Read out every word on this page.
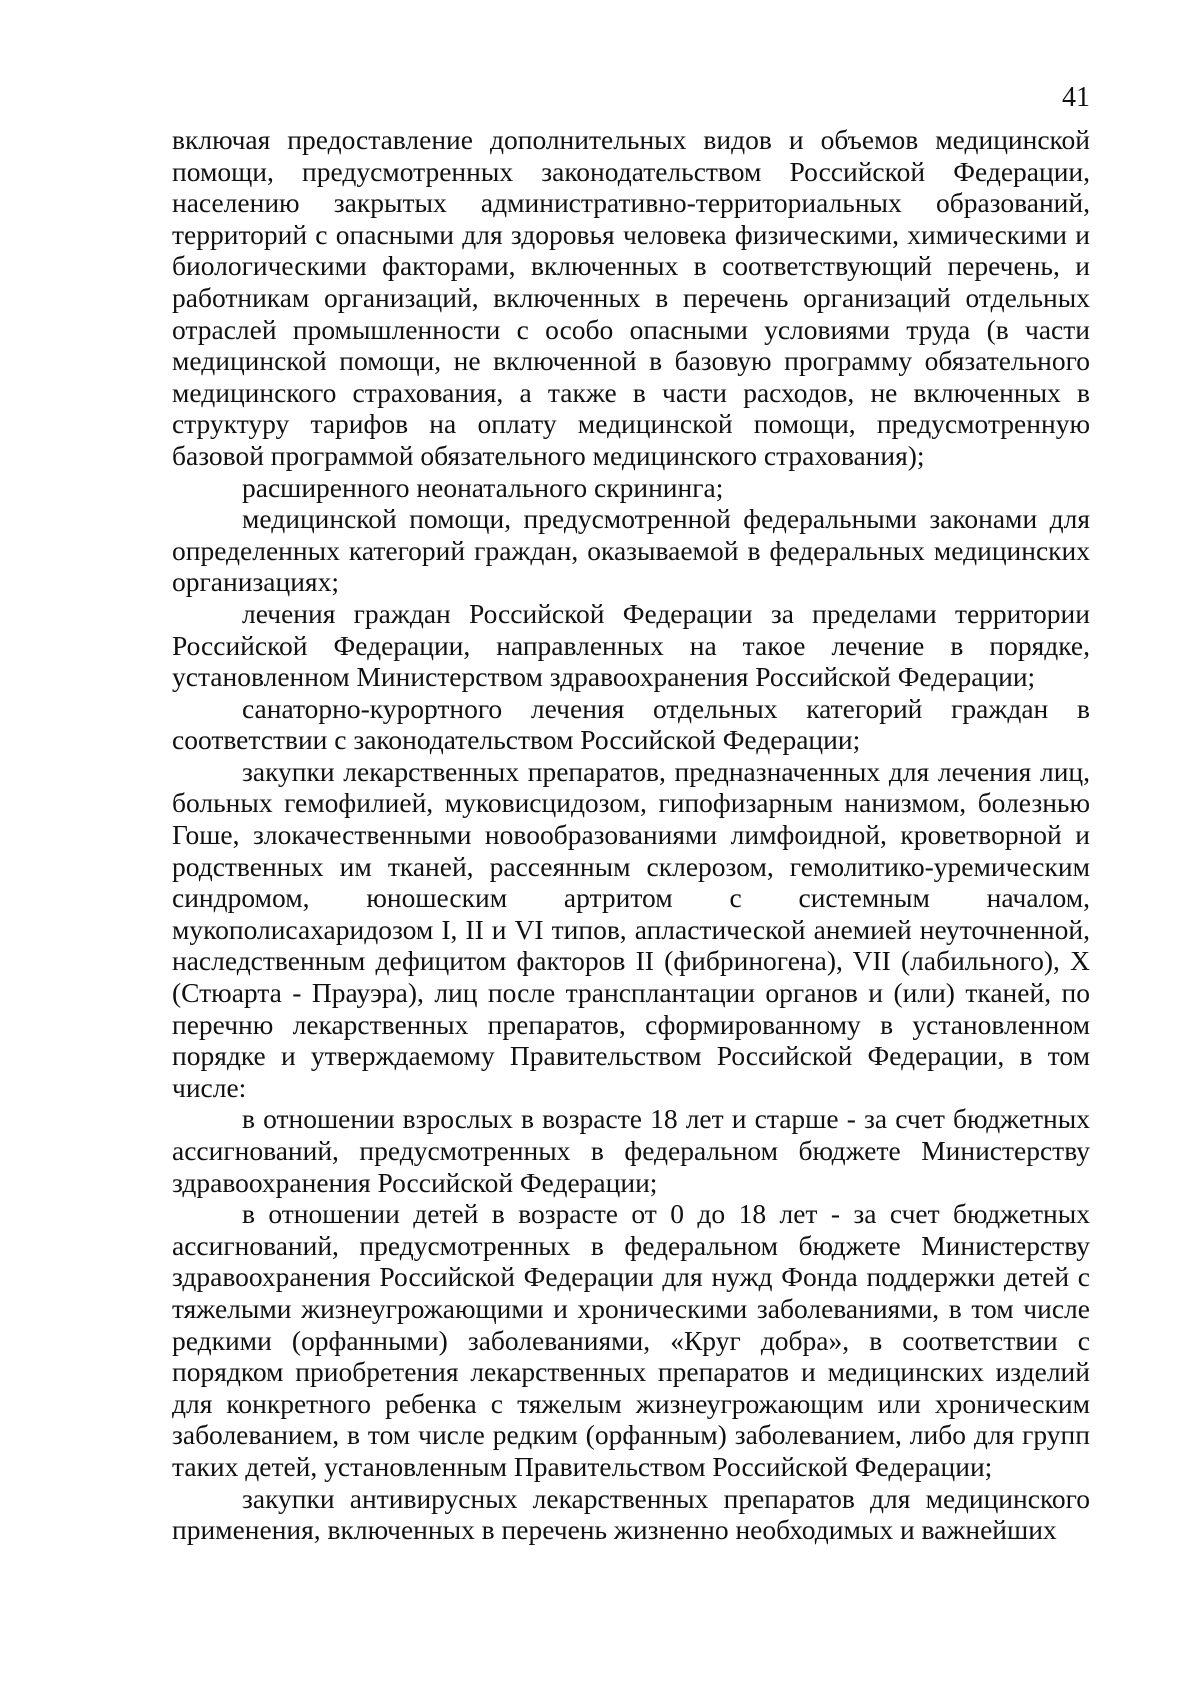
41

включая предоставление дополнительных видов и объемов медицинской помощи, предусмотренных законодательством Российской Федерации, населению закрытых административно-территориальных образований, территорий с опасными для здоровья человека физическими, химическими и биологическими факторами, включенных в соответствующий перечень, и работникам организаций, включенных в перечень организаций отдельных отраслей промышленности с особо опасными условиями труда (в части медицинской помощи, не включенной в базовую программу обязательного медицинского страхования, а также в части расходов, не включенных в структуру тарифов на оплату медицинской помощи, предусмотренную базовой программой обязательного медицинского страхования);

расширенного неонатального скрининга;

медицинской помощи, предусмотренной федеральными законами для определенных категорий граждан, оказываемой в федеральных медицинских организациях;

лечения граждан Российской Федерации за пределами территории Российской Федерации, направленных на такое лечение в порядке, установленном Министерством здравоохранения Российской Федерации;

санаторно-курортного лечения отдельных категорий граждан в соответствии с законодательством Российской Федерации;

закупки лекарственных препаратов, предназначенных для лечения лиц, больных гемофилией, муковисцидозом, гипофизарным нанизмом, болезнью Гоше, злокачественными новообразованиями лимфоидной, кроветворной и родственных им тканей, рассеянным склерозом, гемолитико-уремическим синдромом, юношеским артритом с системным началом, мукополисахаридозом I, II и VI типов, апластической анемией неуточненной, наследственным дефицитом факторов II (фибриногена), VII (лабильного), X (Стюарта - Прауэра), лиц после трансплантации органов и (или) тканей, по перечню лекарственных препаратов, сформированному в установленном порядке и утверждаемому Правительством Российской Федерации, в том числе:

в отношении взрослых в возрасте 18 лет и старше - за счет бюджетных ассигнований, предусмотренных в федеральном бюджете Министерству здравоохранения Российской Федерации;

в отношении детей в возрасте от 0 до 18 лет - за счет бюджетных ассигнований, предусмотренных в федеральном бюджете Министерству здравоохранения Российской Федерации для нужд Фонда поддержки детей с тяжелыми жизнеугрожающими и хроническими заболеваниями, в том числе редкими (орфанными) заболеваниями, «Круг добра», в соответствии с порядком приобретения лекарственных препаратов и медицинских изделий для конкретного ребенка с тяжелым жизнеугрожающим или хроническим заболеванием, в том числе редким (орфанным) заболеванием, либо для групп таких детей, установленным Правительством Российской Федерации;

закупки антивирусных лекарственных препаратов для медицинского применения, включенных в перечень жизненно необходимых и важнейших
